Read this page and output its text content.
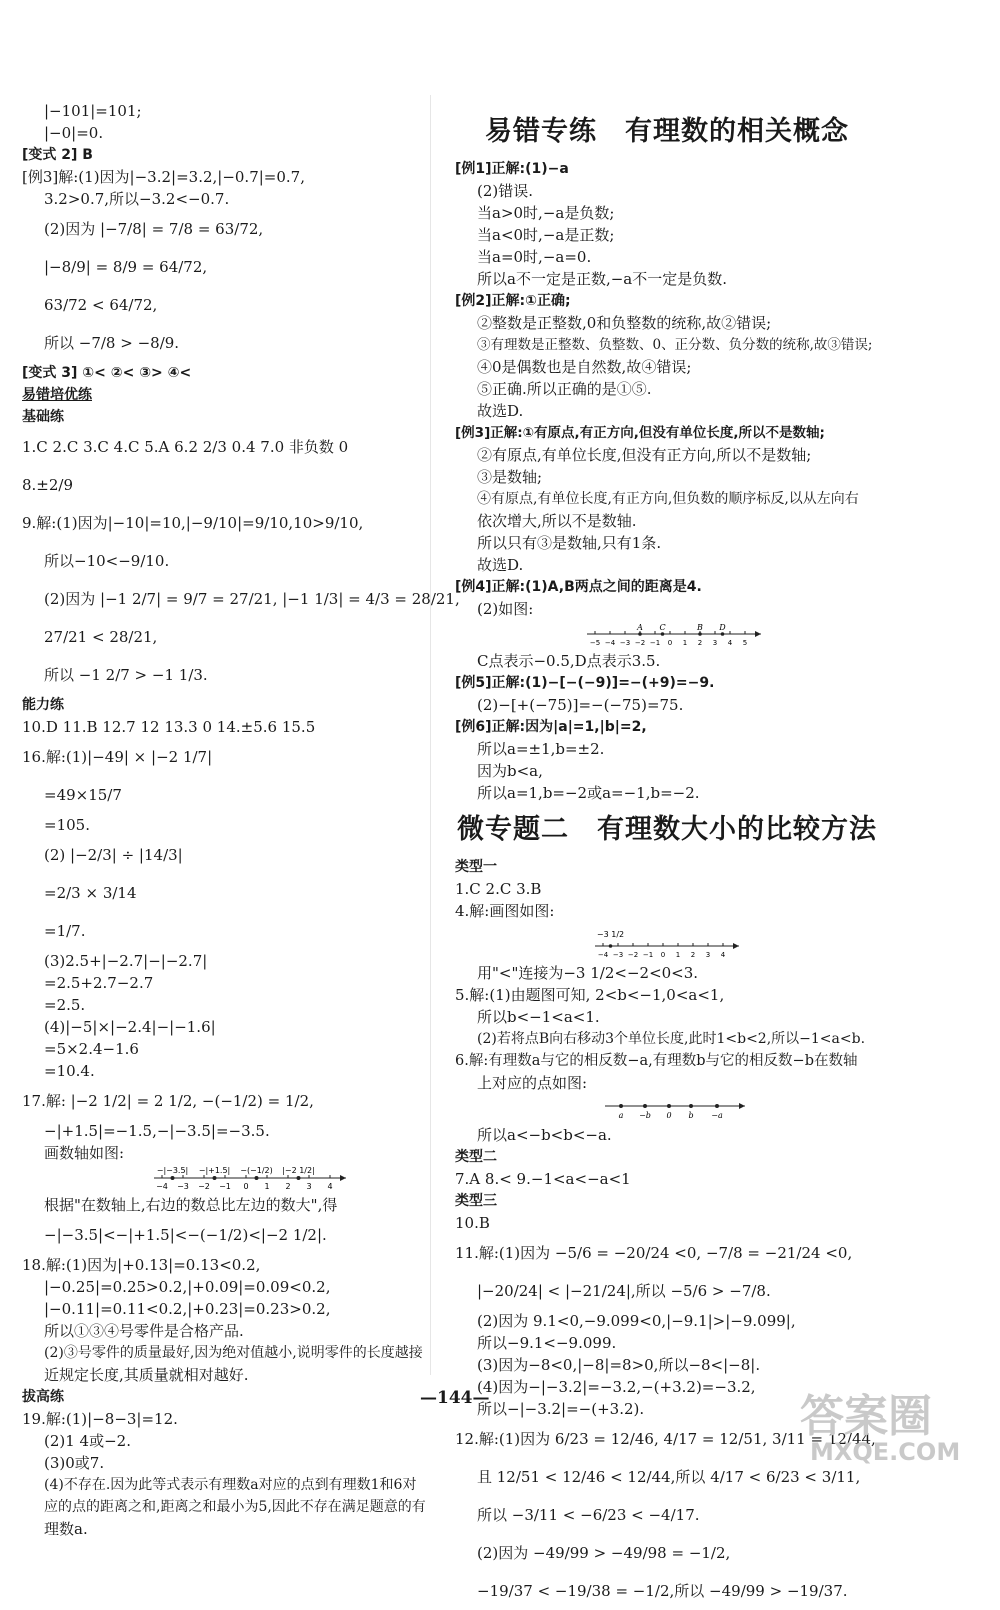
|−101|=101;
|−0|=0.
[变式 2] B
[例3]解:(1)因为|−3.2|=3.2,|−0.7|=0.7,
3.2>0.7,所以−3.2<−0.7.
(2)因为 |−7/8| = 7/8 = 63/72,
|−8/9| = 8/9 = 64/72,
63/72 < 64/72,
所以 −7/8 > −8/9.
[变式 3] ①< ②< ③> ④<
易错培优练
基础练
1.C 2.C 3.C 4.C 5.A 6.2 2/3 0.4 7.0 非负数 0
8.±2/9
9.解:(1)因为|−10|=10,|−9/10|=9/10,10>9/10,
所以−10<−9/10.
(2)因为 |−1 2/7| = 9/7 = 27/21, |−1 1/3| = 4/3 = 28/21,
27/21 < 28/21,
所以 −1 2/7 > −1 1/3.
能力练
10.D 11.B 12.7 12 13.3 0 14.±5.6 15.5
16.解:(1)|−49| × |−2 1/7|
=49×15/7
=105.
(2) |−2/3| ÷ |14/3|
=2/3 × 3/14
=1/7.
(3)2.5+|−2.7|−|−2.7|
=2.5+2.7−2.7
=2.5.
(4)|−5|×|−2.4|−|−1.6|
=5×2.4−1.6
=10.4.
17.解: |−2 1/2| = 2 1/2, −(−1/2) = 1/2,
−|+1.5|=−1.5,−|−3.5|=−3.5.
画数轴如图:
−4 −3 −2 −1 0 1 2 3 4
−|−3.5| −|+1.5| −(−1/2) |−2 1/2|
根据"在数轴上,右边的数总比左边的数大",得
−|−3.5|<−|+1.5|<−(−1/2)<|−2 1/2|.
18.解:(1)因为|+0.13|=0.13<0.2,
|−0.25|=0.25>0.2,|+0.09|=0.09<0.2,
|−0.11|=0.11<0.2,|+0.23|=0.23>0.2,
所以①③④号零件是合格产品.
(2)③号零件的质量最好,因为绝对值越小,说明零件的长度越接
近规定长度,其质量就相对越好.
拔高练
19.解:(1)|−8−3|=12.
(2)1 4或−2.
(3)0或7.
(4)不存在.因为此等式表示有理数a对应的点到有理数1和6对
应的点的距离之和,距离之和最小为5,因此不存在满足题意的有
理数a.
易错专练　有理数的相关概念
[例1]正解:(1)−a
(2)错误.
当a>0时,−a是负数;
当a<0时,−a是正数;
当a=0时,−a=0.
所以a不一定是正数,−a不一定是负数.
[例2]正解:①正确;
②整数是正整数,0和负整数的统称,故②错误;
③有理数是正整数、负整数、0、正分数、负分数的统称,故③错误;
④0是偶数也是自然数,故④错误;
⑤正确.所以正确的是①⑤.
故选D.
[例3]正解:①有原点,有正方向,但没有单位长度,所以不是数轴;
②有原点,有单位长度,但没有正方向,所以不是数轴;
③是数轴;
④有原点,有单位长度,有正方向,但负数的顺序标反,以从左向右
依次增大,所以不是数轴.
所以只有③是数轴,只有1条.
故选D.
[例4]正解:(1)A,B两点之间的距离是4.
(2)如图:
−5 −4 −3 −2 −1 0 1 2 3 4 5
A	B
C	D
C点表示−0.5,D点表示3.5.
[例5]正解:(1)−[−(−9)]=−(+9)=−9.
(2)−[+(−75)]=−(−75)=75.
[例6]正解:因为|a|=1,|b|=2,
所以a=±1,b=±2.
因为b<a,
所以a=1,b=−2或a=−1,b=−2.
微专题二　有理数大小的比较方法
类型一
1.C 2.C 3.B
4.解:画图如图:
−4 −3 −2 −1 0 1 2 3 4
−3 1/2
用"<"连接为−3 1/2<−2<0<3.
5.解:(1)由题图可知, 2<b<−1,0<a<1,
所以b<−1<a<1.
(2)若将点B向右移动3个单位长度,此时1<b<2,所以−1<a<b.
6.解:有理数a与它的相反数−a,有理数b与它的相反数−b在数轴
上对应的点如图:
a −b 0 b −a
所以a<−b<b<−a.
类型二
7.A 8.< 9.−1<a<−a<1
类型三
10.B
11.解:(1)因为 −5/6 = −20/24 <0, −7/8 = −21/24 <0,
|−20/24| < |−21/24|,所以 −5/6 > −7/8.
(2)因为 9.1<0,−9.099<0,|−9.1|>|−9.099|,
所以−9.1<−9.099.
(3)因为−8<0,|−8|=8>0,所以−8<|−8|.
(4)因为−|−3.2|=−3.2,−(+3.2)=−3.2,
所以−|−3.2|=−(+3.2).
12.解:(1)因为 6/23 = 12/46, 4/17 = 12/51, 3/11 = 12/44,
且 12/51 < 12/46 < 12/44,所以 4/17 < 6/23 < 3/11,
所以 −3/11 < −6/23 < −4/17.
(2)因为 −49/99 > −49/98 = −1/2,
−19/37 < −19/38 = −1/2,所以 −49/99 > −19/37.
—144—	答案圈
MXQE.COM
